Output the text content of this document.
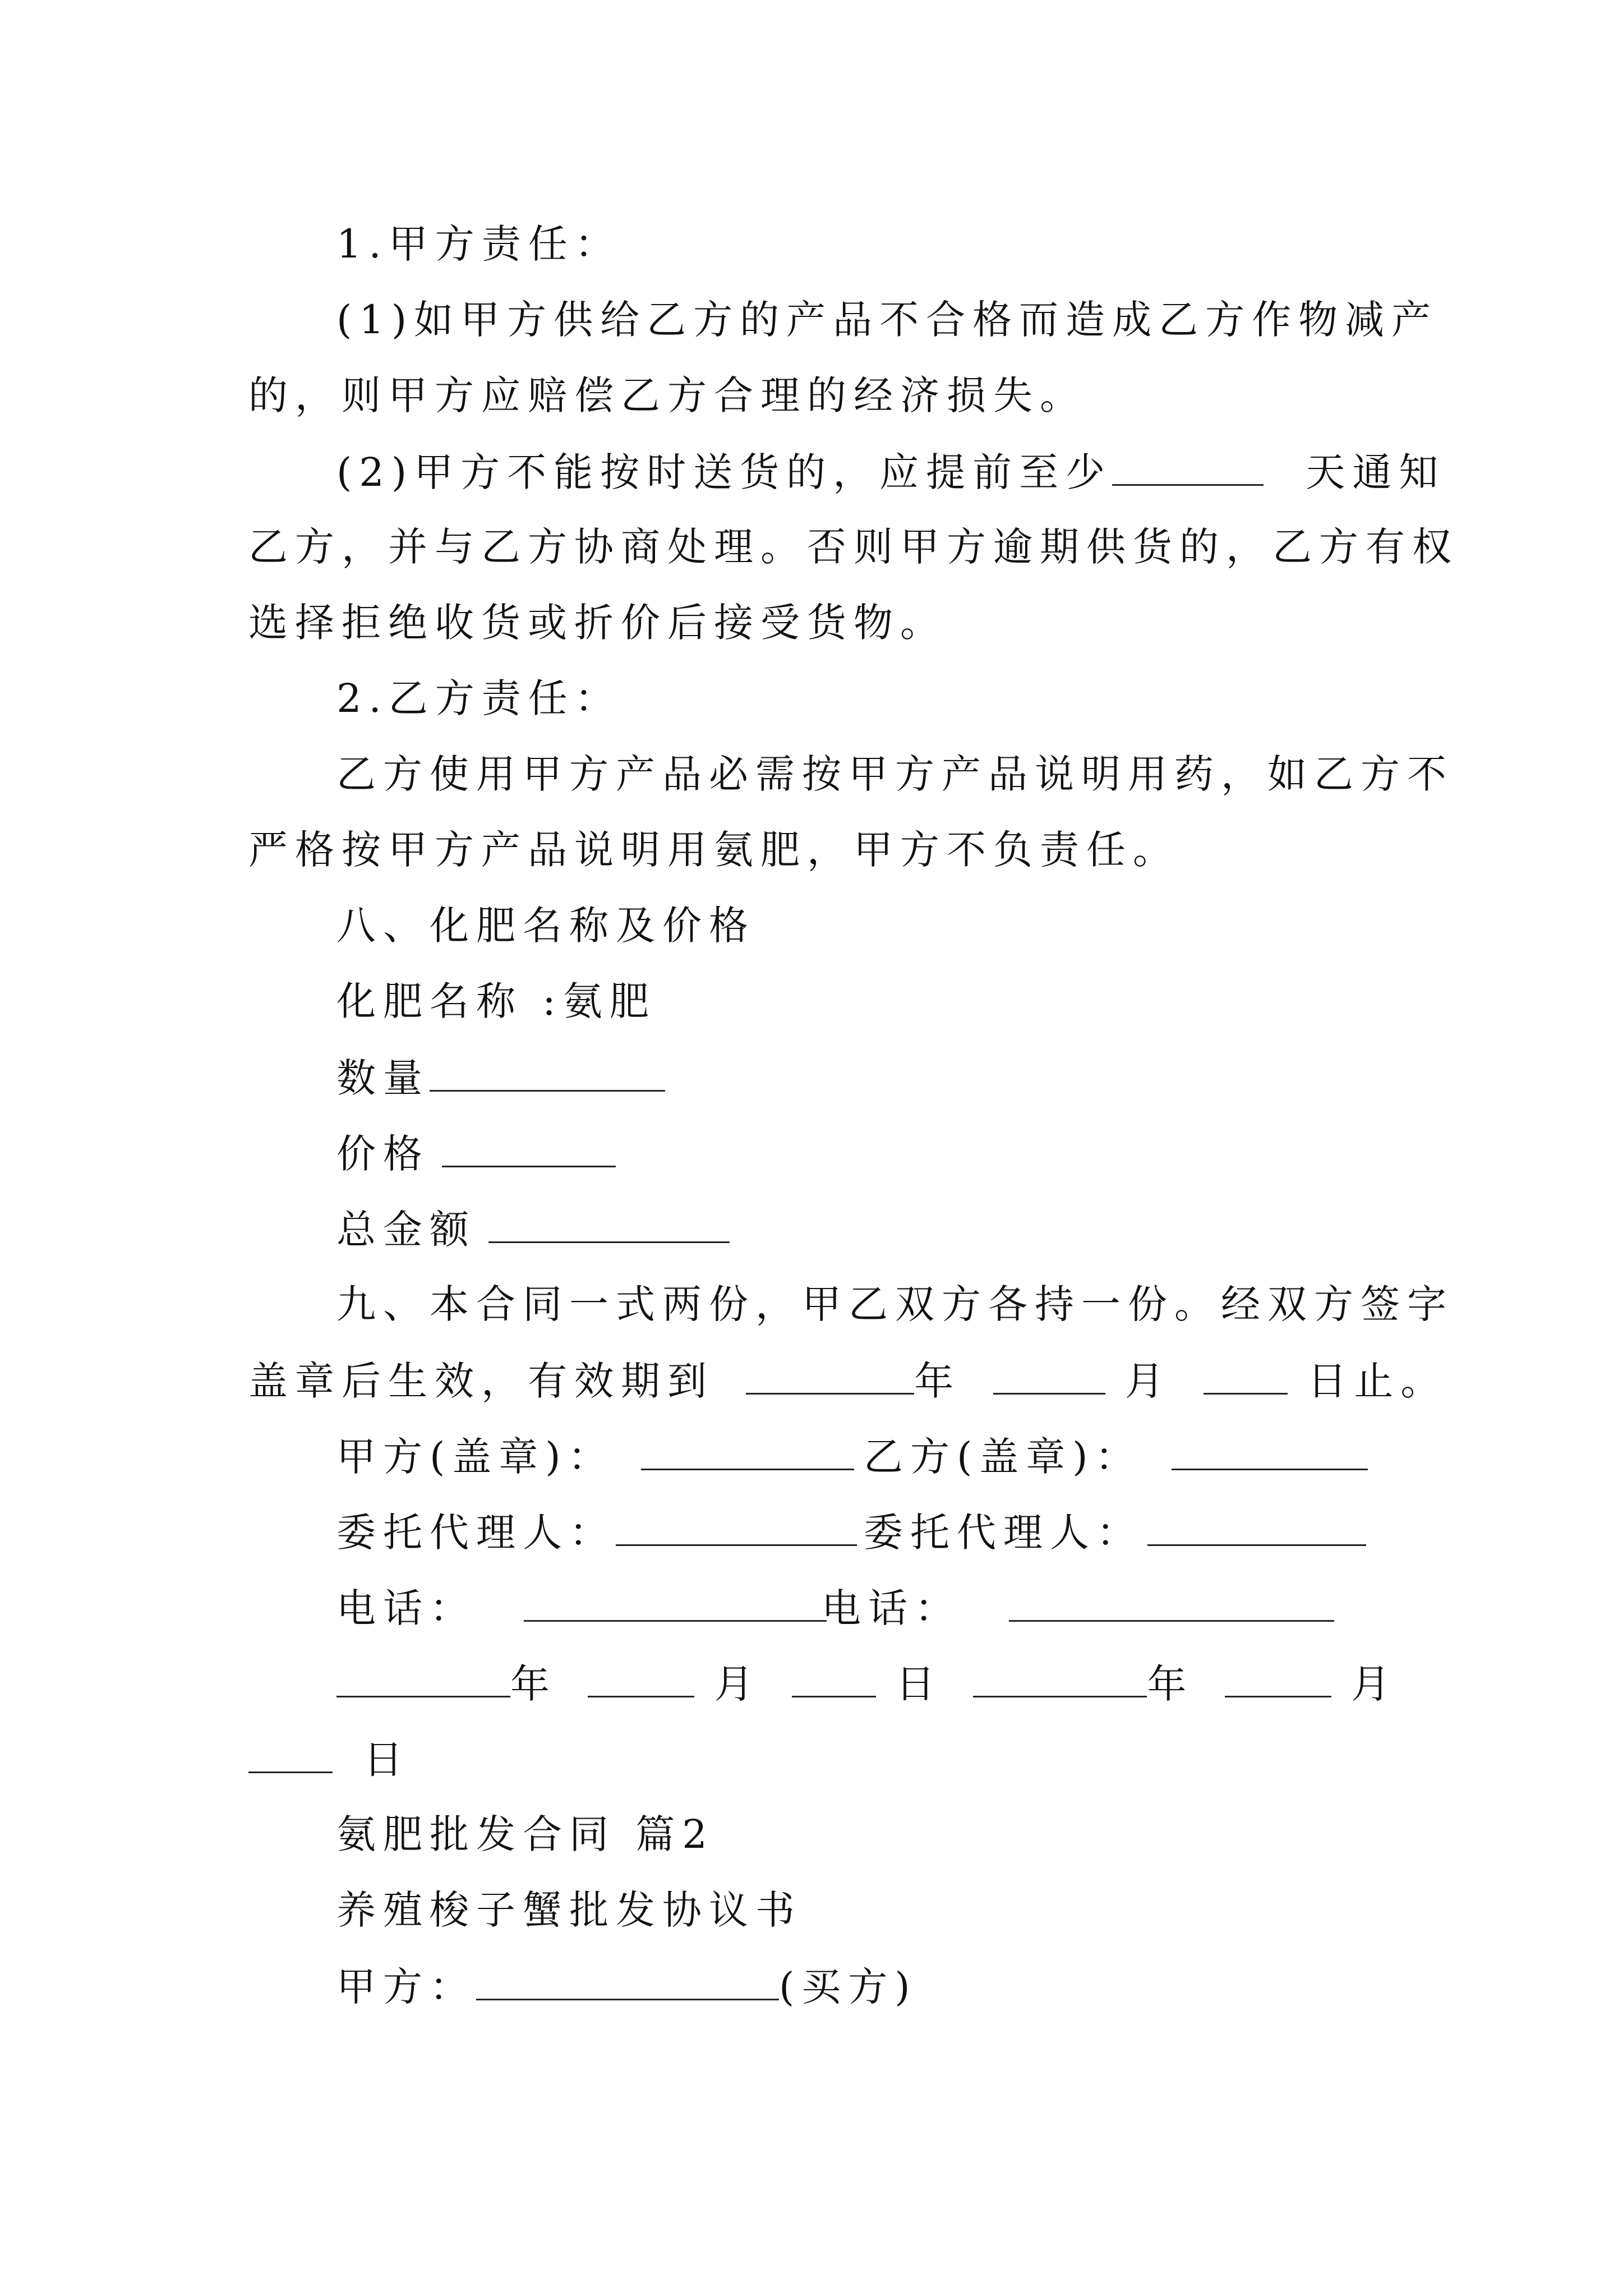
1.甲方责任：
(1)如甲方供给乙方的产品不合格而造成乙方作物减产
的，则甲方应赔偿乙方合理的经济损失。
(2)甲方不能按时送货的，应提前至少	天通知
乙方，并与乙方协商处理。否则甲方逾期供货的，乙方有权
选择拒绝收货或折价后接受货物。
2.乙方责任：
乙方使用甲方产品必需按甲方产品说明用药，如乙方不
严格按甲方产品说明用氨肥，甲方不负责任。
八、化肥名称及价格
化肥名称 :氨肥
数量
价格
总金额
九、本合同一式两份，甲乙双方各持一份。经双方签字
盖章后生效，有效期到	年	月	日止。
甲方(盖章)：	乙方(盖章)：
委托代理人：	委托代理人：
电话：	电话：
年	月	日	年	月
日
氨肥批发合同 篇2
养殖梭子蟹批发协议书
甲方：	(买方)
